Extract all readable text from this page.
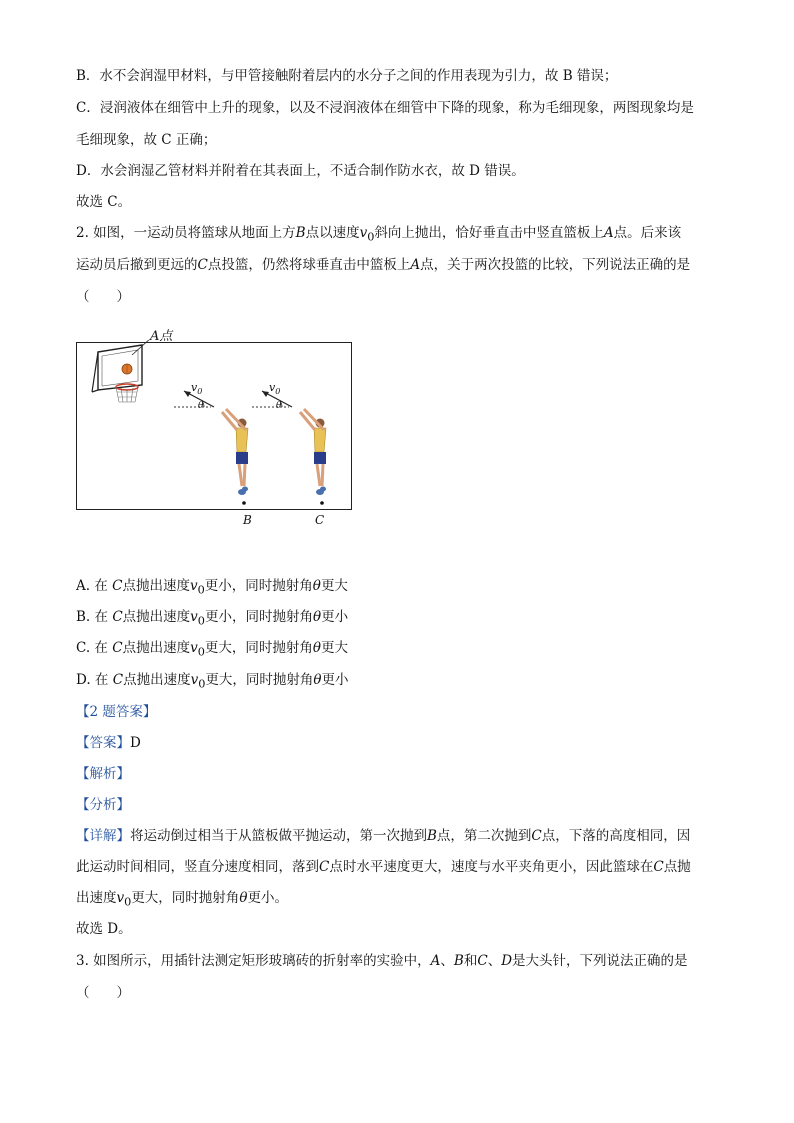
B．水不会润湿甲材料，与甲管接触附着层内的水分子之间的作用表现为引力，故 B 错误；
C．浸润液体在细管中上升的现象，以及不浸润液体在细管中下降的现象，称为毛细现象，两图现象均是
毛细现象，故 C 正确；
D．水会润湿乙管材料并附着在其表面上，不适合制作防水衣，故 D 错误。
故选 C。
2. 如图，一运动员将篮球从地面上方B点以速度$v_0$斜向上抛出，恰好垂直击中竖直篮板上A点。后来该
运动员后撤到更远的C点投篮，仍然将球垂直击中篮板上A点，关于两次投篮的比较，下列说法正确的是
（　　）
$v_0$
θ
$v_0$
θ
A点
B	C
A. 在 C点抛出速度$v_0$更小，同时抛射角θ更大
B. 在 C点抛出速度$v_0$更小，同时抛射角θ更小
C. 在 C点抛出速度$v_0$更大，同时抛射角θ更大
D. 在 C点抛出速度$v_0$更大，同时抛射角θ更小
【2 题答案】
【答案】D
【解析】
【分析】
【详解】将运动倒过相当于从篮板做平抛运动，第一次抛到B点，第二次抛到C点，下落的高度相同，因
此运动时间相同，竖直分速度相同，落到C点时水平速度更大，速度与水平夹角更小，因此篮球在C点抛
出速度$v_0$更大，同时抛射角θ更小。
故选 D。
3. 如图所示，用插针法测定矩形玻璃砖的折射率的实验中，A、B和C、D是大头针，下列说法正确的是
（　　）
